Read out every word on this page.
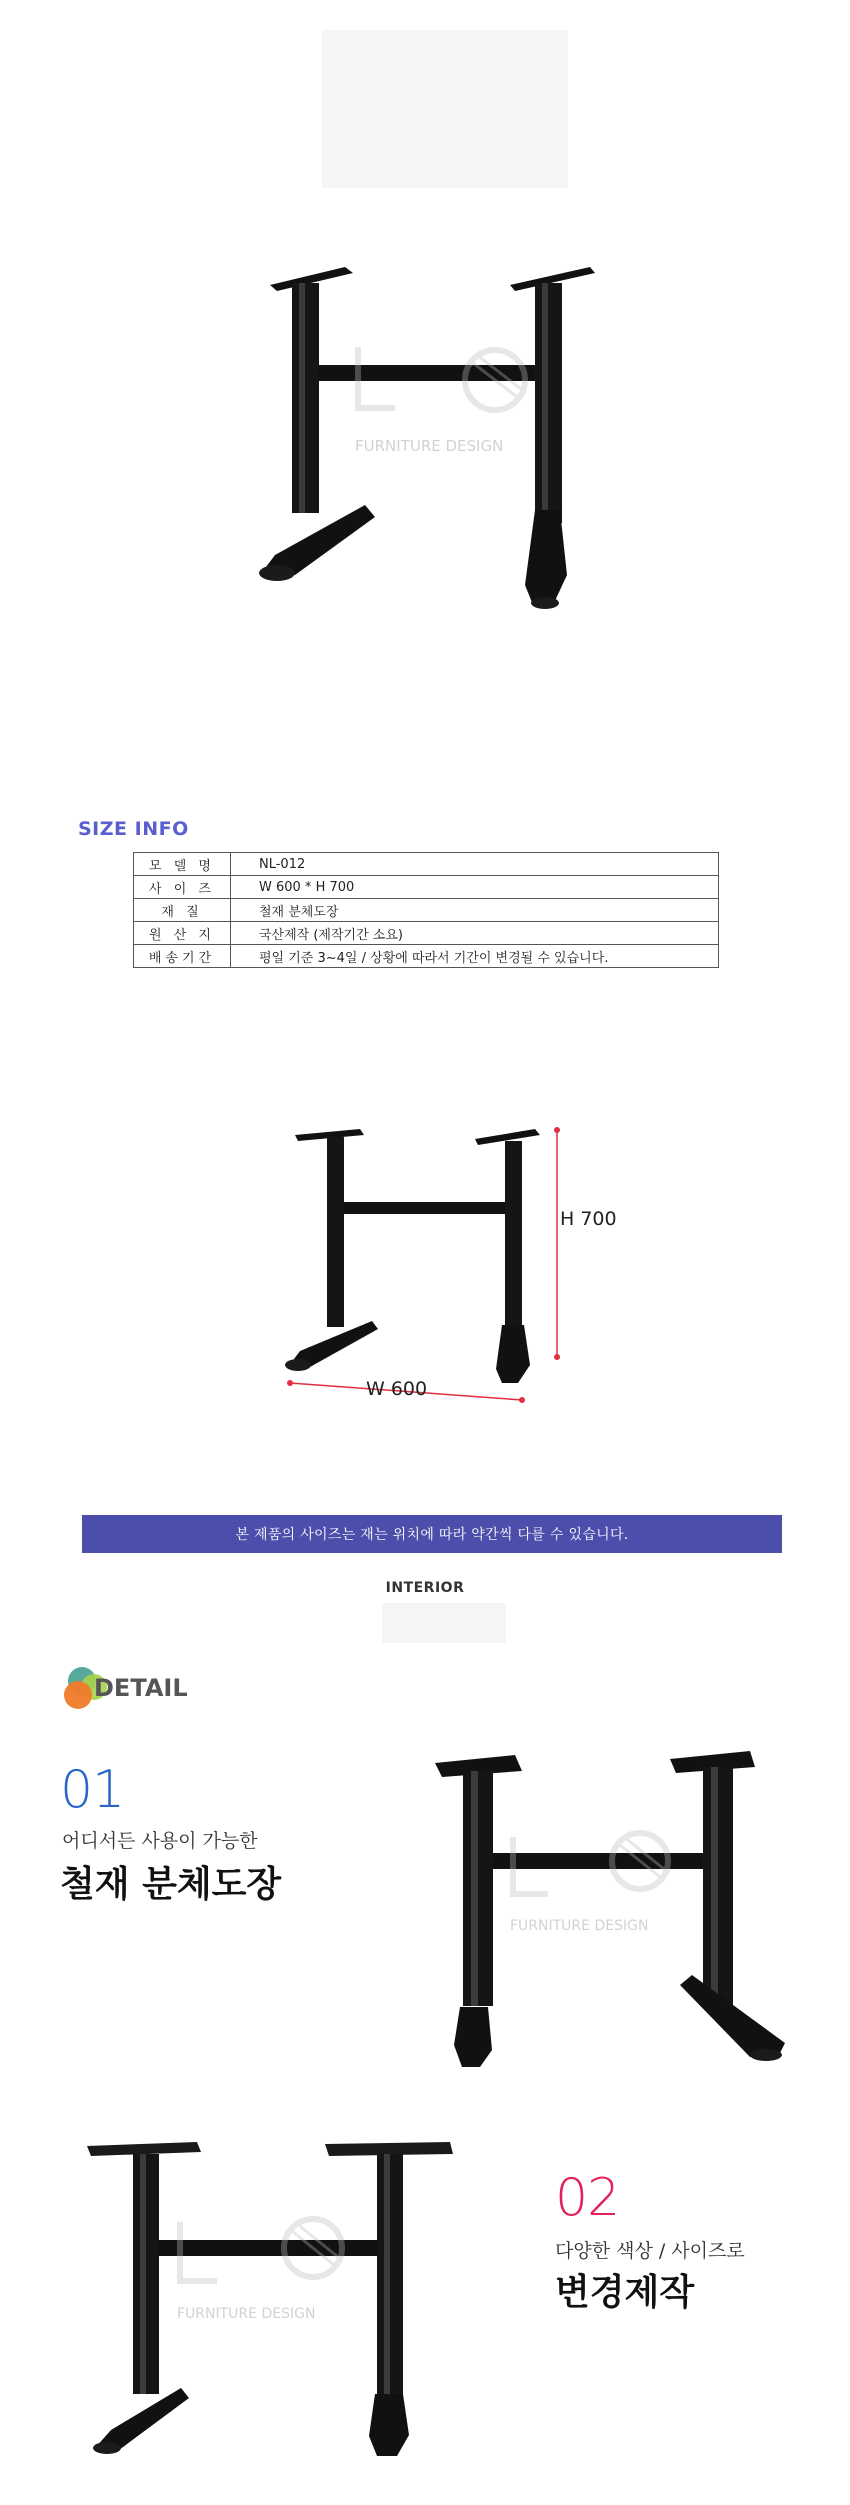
FURNITURE DESIGN
SIZE INFO
모 델 명	NL-012
사 이 즈	W 600 * H 700
재 질	철재 분체도장
원 산 지	국산제작 (제작기간 소요)
배송기간	평일 기준 3~4일 / 상황에 따라서 기간이 변경될 수 있습니다.
H 700
W 600
본 제품의 사이즈는 재는 위치에 따라 약간씩 다를 수 있습니다.
INTERIOR
DETAIL
01
어디서든 사용이 가능한
철재 분체도장
FURNITURE DESIGN
FURNITURE DESIGN
02
다양한 색상 / 사이즈로
변경제작
